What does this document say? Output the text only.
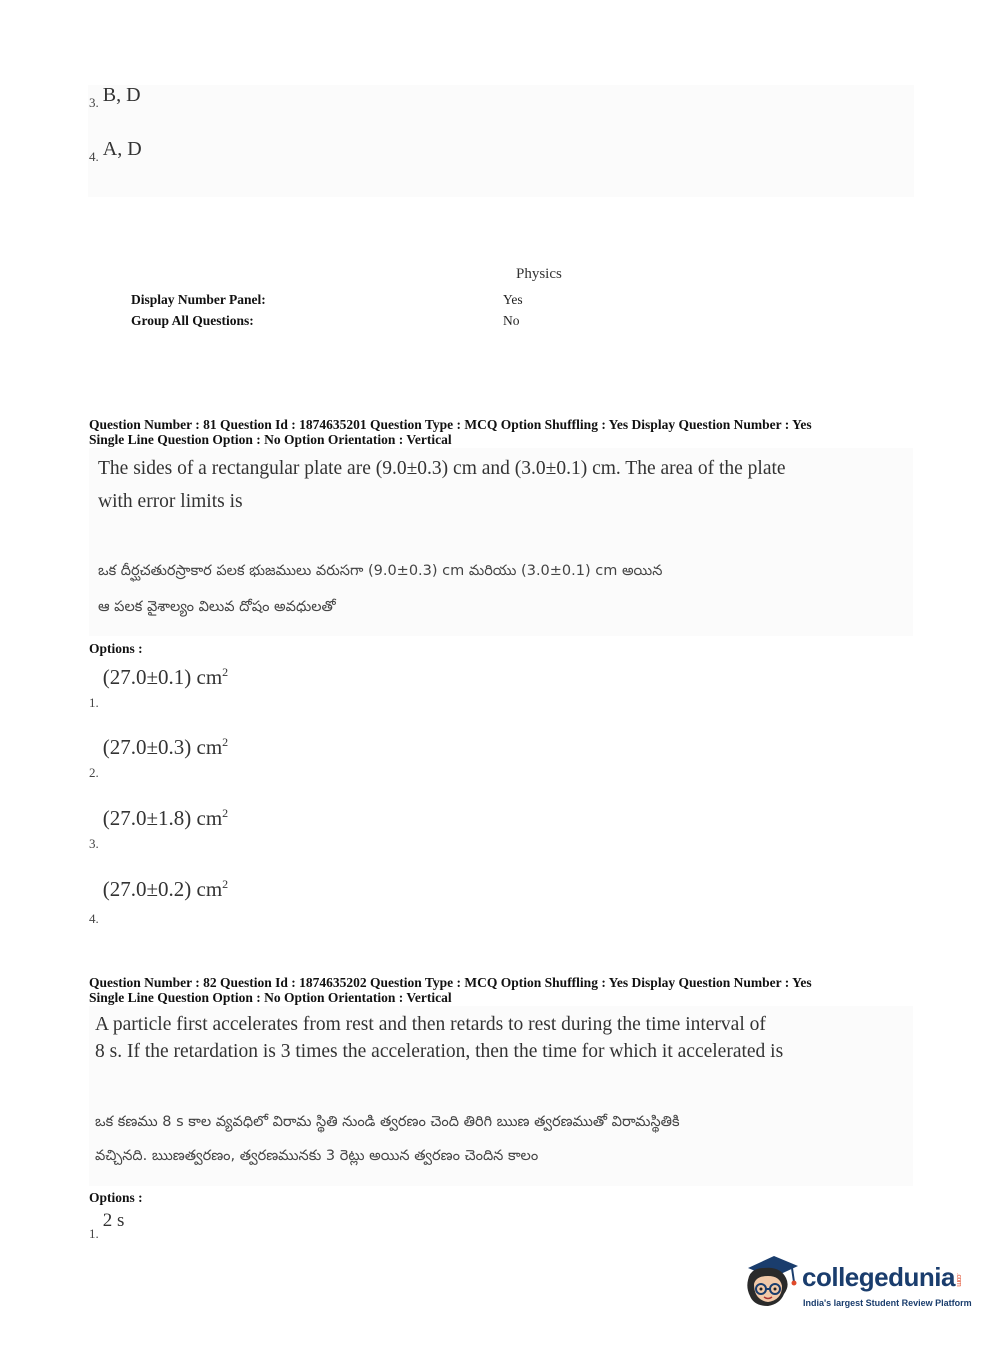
3. B, D
4. A, D
Physics
Display Number Panel:	Yes
Group All Questions:	No
Question Number : 81 Question Id : 1874635201 Question Type : MCQ Option Shuffling : Yes Display Question Number : Yes
Single Line Question Option : No Option Orientation : Vertical
The sides of a rectangular plate are (9.0±0.3) cm and (3.0±0.1) cm. The area of the plate
with error limits is
ఒక దీర్ఘచతురస్రాకార పలక భుజములు వరుసగా (9.0±0.3) cm మరియు (3.0±0.1) cm అయిన
ఆ పలక వైశాల్యం విలువ దోషం అవధులతో
Options :
$_{1.}$ (27.0±0.1) $cm^2$
$_{2.}$ (27.0±0.3) $cm^2$
$_{3.}$ (27.0±1.8) $cm^2$
$_{4.}$ (27.0±0.2) $cm^2$
Question Number : 82 Question Id : 1874635202 Question Type : MCQ Option Shuffling : Yes Display Question Number : Yes
Single Line Question Option : No Option Orientation : Vertical
A particle first accelerates from rest and then retards to rest during the time interval of
8 s. If the retardation is 3 times the acceleration, then the time for which it accelerated is
ఒక కణము 8 s కాల వ్యవధిలో విరామ స్థితి నుండి త్వరణం చెంది తిరిగి ఋణ త్వరణముతో విరామస్థితికి
వచ్చినది. ఋణత్వరణం, త్వరణమునకు 3 రెట్లు అయిన త్వరణం చెందిన కాలం
Options :
$_{1.}$ 2 s
collegedunia.com
India's largest Student Review Platform
